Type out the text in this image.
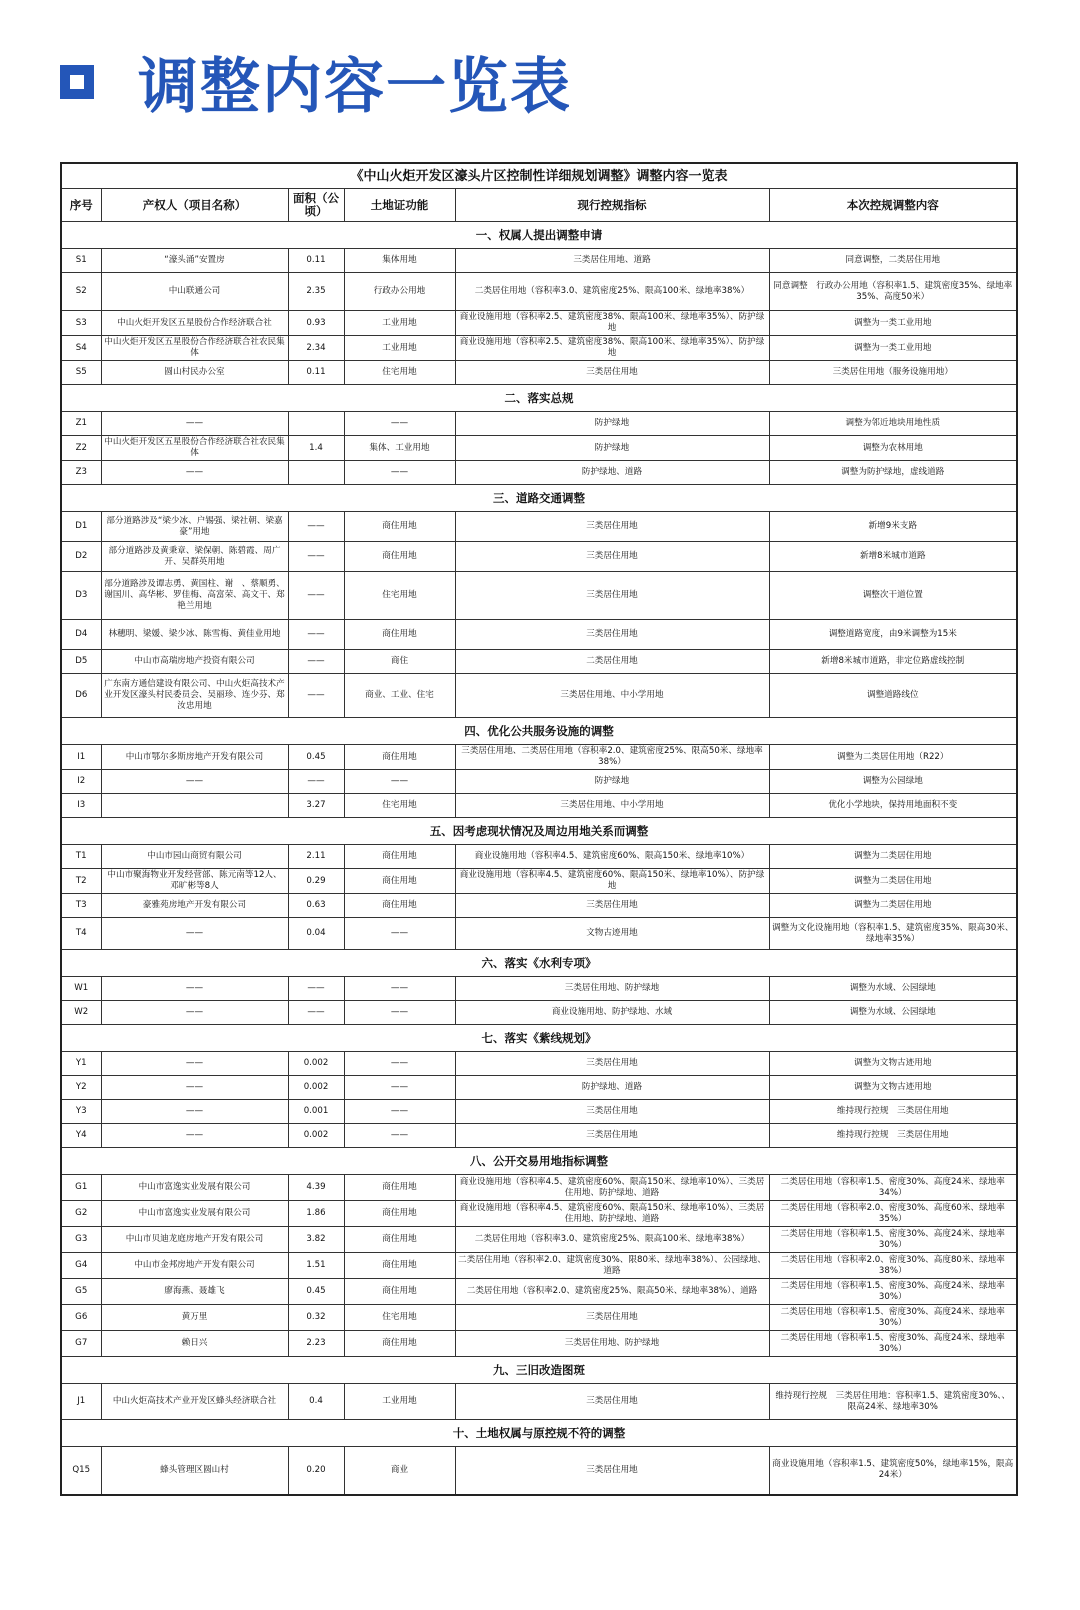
调整内容一览表
《中山火炬开发区濠头片区控制性详细规划调整》调整内容一览表					
序号	产权人（项目名称）	面积（公顷）	土地证功能	现行控规指标	本次控规调整内容
一、权属人提出调整申请					
S1	“濠头涌”安置房	0.11	集体用地	三类居住用地、道路	同意调整，二类居住用地
S2	中山联通公司	2.35	行政办公用地	二类居住用地（容积率3.0、建筑密度25%、限高100米、绿地率38%）	同意调整　行政办公用地（容积率1.5、建筑密度35%、绿地率35%、高度50米）
S3	中山火炬开发区五星股份合作经济联合社	0.93	工业用地	商业设施用地（容积率2.5、建筑密度38%、限高100米、绿地率35%）、防护绿地	调整为一类工业用地
S4	中山火炬开发区五星股份合作经济联合社农民集体	2.34	工业用地	商业设施用地（容积率2.5、建筑密度38%、限高100米、绿地率35%）、防护绿地	调整为一类工业用地
S5	圆山村民办公室	0.11	住宅用地	三类居住用地	三类居住用地（服务设施用地）
二、落实总规					
Z1	——		——	防护绿地	调整为邻近地块用地性质
Z2	中山火炬开发区五星股份合作经济联合社农民集体	1.4	集体、工业用地	防护绿地	调整为农林用地
Z3	——		——	防护绿地、道路	调整为防护绿地，虚线道路
三、道路交通调整					
D1	部分道路涉及“梁少冰、户锡强、梁社朝、梁嘉豪”用地	——	商住用地	三类居住用地	新增9米支路
D2	部分道路涉及黄秉章、梁保朝、陈碧霞、周广开、吴群英用地	——	商住用地	三类居住用地	新增8米城市道路
D3	部分道路涉及谭志勇、黄国柱、谢　、蔡顺勇、谢国川、高华彬、罗佳梅、高富荣、高文干、郑艳兰用地	——	住宅用地	三类居住用地	调整次干道位置
D4	林穗明、梁媛、梁少冰、陈雪梅、黄佳业用地	——	商住用地	三类居住用地	调整道路宽度，由9米调整为15米
D5	中山市高瑞房地产投资有限公司	——	商住	二类居住用地	新增8米城市道路，非定位路虚线控制
D6	广东南方通信建设有限公司、中山火炬高技术产业开发区濠头村民委员会、吴丽珍、连少芬、郑汝忠用地	——	商业、工业、住宅	三类居住用地、中小学用地	调整道路线位
四、优化公共服务设施的调整					
I1	中山市鄂尔多斯房地产开发有限公司	0.45	商住用地	三类居住用地、二类居住用地（容积率2.0、建筑密度25%、限高50米、绿地率38%）	调整为二类居住用地（R22）
I2	——	——	——	防护绿地	调整为公园绿地
I3		3.27	住宅用地	三类居住用地、中小学用地	优化小学地块，保持用地面积不变
五、因考虑现状情况及周边用地关系而调整					
T1	中山市园山商贸有限公司	2.11	商住用地	商业设施用地（容积率4.5、建筑密度60%、限高150米、绿地率10%）	调整为二类居住用地
T2	中山市聚海物业开发经营部、陈元南等12人、邓旷彬等8人	0.29	商住用地	商业设施用地（容积率4.5、建筑密度60%、限高150米、绿地率10%）、防护绿地	调整为二类居住用地
T3	豪雅苑房地产开发有限公司	0.63	商住用地	三类居住用地	调整为二类居住用地
T4	——	0.04	——	文物古迹用地	调整为文化设施用地（容积率1.5、建筑密度35%、限高30米、绿地率35%）
六、落实《水利专项》					
W1	——	——	——	三类居住用地、防护绿地	调整为水域、公园绿地
W2	——	——	——	商业设施用地、防护绿地、水域	调整为水域、公园绿地
七、落实《紫线规划》					
Y1	——	0.002	——	三类居住用地	调整为文物古迹用地
Y2	——	0.002	——	防护绿地、道路	调整为文物古迹用地
Y3	——	0.001	——	三类居住用地	维持现行控规　三类居住用地
Y4	——	0.002	——	三类居住用地	维持现行控规　三类居住用地
八、公开交易用地指标调整					
G1	中山市富逸实业发展有限公司	4.39	商住用地	商业设施用地（容积率4.5、建筑密度60%、限高150米、绿地率10%）、三类居住用地、防护绿地、道路	二类居住用地（容积率1.5、密度30%、高度24米、绿地率34%）
G2	中山市富逸实业发展有限公司	1.86	商住用地	商业设施用地（容积率4.5、建筑密度60%、限高150米、绿地率10%）、三类居住用地、防护绿地、道路	二类居住用地（容积率2.0、密度30%、高度60米、绿地率35%）
G3	中山市贝迪龙庭房地产开发有限公司	3.82	商住用地	二类居住用地（容积率3.0、建筑密度25%、限高100米、绿地率38%）	二类居住用地（容积率1.5、密度30%、高度24米、绿地率30%）
G4	中山市金邦房地产开发有限公司	1.51	商住用地	二类居住用地（容积率2.0、建筑密度30%、限80米、绿地率38%）、公园绿地、道路	二类居住用地（容积率2.0、密度30%、高度80米、绿地率38%）
G5	廖海燕、聂雄飞	0.45	商住用地	二类居住用地（容积率2.0、建筑密度25%、限高50米、绿地率38%）、道路	二类居住用地（容积率1.5、密度30%、高度24米、绿地率30%）
G6	黄万里	0.32	住宅用地	三类居住用地	二类居住用地（容积率1.5、密度30%、高度24米、绿地率30%）
G7	赖日兴	2.23	商住用地	三类居住用地、防护绿地	二类居住用地（容积率1.5、密度30%、高度24米、绿地率30%）
九、三旧改造图斑					
J1	中山火炬高技术产业开发区蜂头经济联合社	0.4	工业用地	三类居住用地	维持现行控规　三类居住用地：容积率1.5、建筑密度30%、、限高24米、绿地率30%
十、土地权属与原控规不符的调整					
Q15	蜂头管理区圆山村	0.20	商业	三类居住用地	商业设施用地（容积率1.5、建筑密度50%，绿地率15%，限高24米）
